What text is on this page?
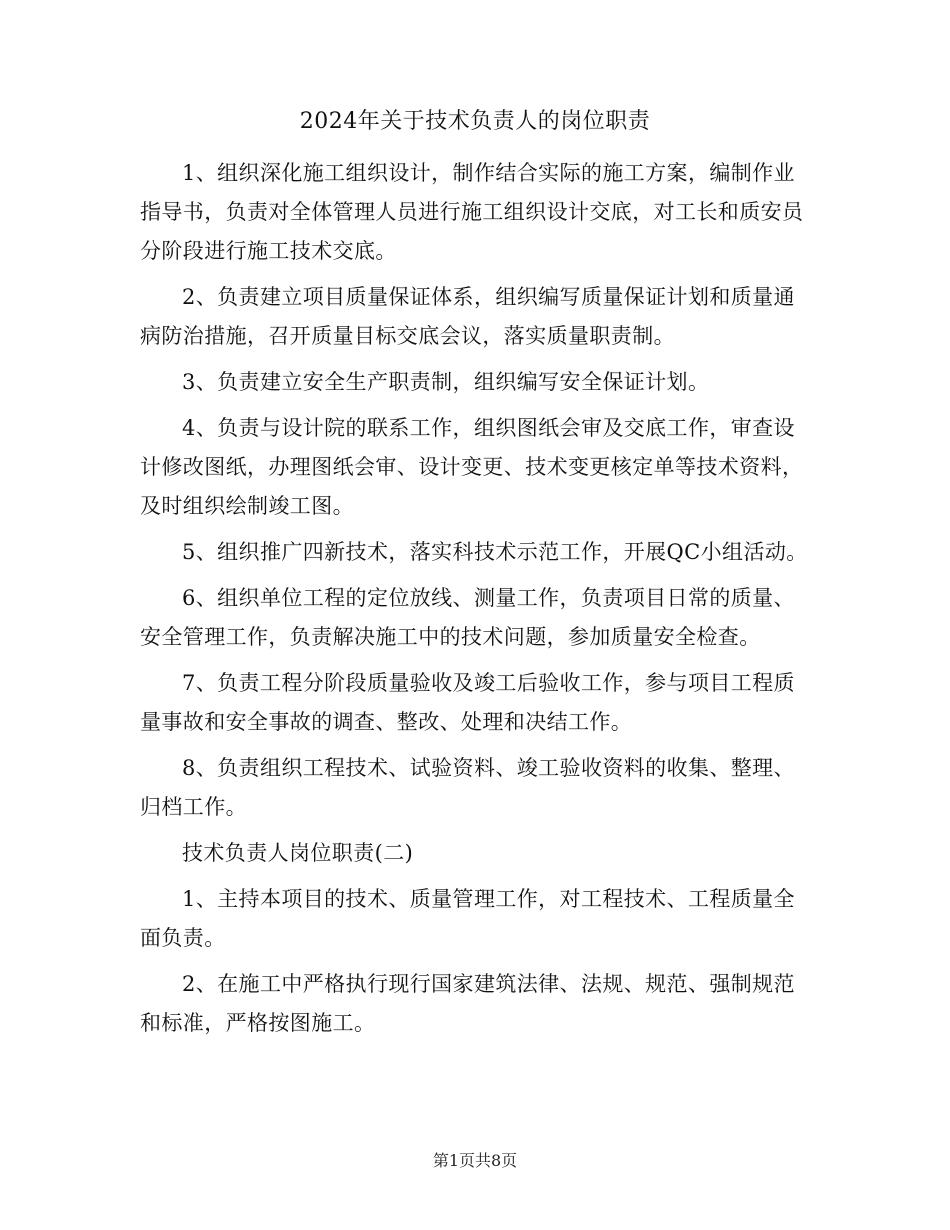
2024年关于技术负责人的岗位职责

1、组织深化施工组织设计，制作结合实际的施工方案，编制作业指导书，负责对全体管理人员进行施工组织设计交底，对工长和质安员分阶段进行施工技术交底。

2、负责建立项目质量保证体系，组织编写质量保证计划和质量通病防治措施，召开质量目标交底会议，落实质量职责制。

3、负责建立安全生产职责制，组织编写安全保证计划。

4、负责与设计院的联系工作，组织图纸会审及交底工作，审查设计修改图纸，办理图纸会审、设计变更、技术变更核定单等技术资料，及时组织绘制竣工图。

5、组织推广四新技术，落实科技术示范工作，开展QC小组活动。

6、组织单位工程的定位放线、测量工作，负责项目日常的质量、安全管理工作，负责解决施工中的技术问题，参加质量安全检查。

7、负责工程分阶段质量验收及竣工后验收工作，参与项目工程质量事故和安全事故的调查、整改、处理和决结工作。

8、负责组织工程技术、试验资料、竣工验收资料的收集、整理、归档工作。

技术负责人岗位职责(二)

1、主持本项目的技术、质量管理工作，对工程技术、工程质量全面负责。

2、在施工中严格执行现行国家建筑法律、法规、规范、强制规范和标准，严格按图施工。

第1页共8页
